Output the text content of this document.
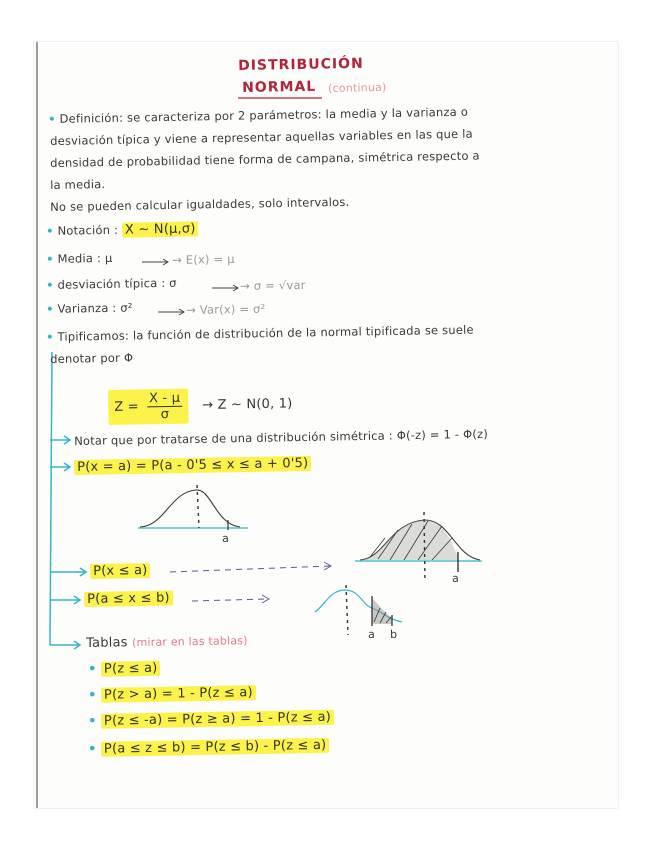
DISTRIBUCIÓN
NORMAL (continua)
• Definición: se caracteriza por 2 parámetros: la media y la varianza o
desviación típica y viene a representar aquellas variables en las que la
densidad de probabilidad tiene forma de campana, simétrica respecto a
la media.
No se pueden calcular igualdades, solo intervalos.
• Notación : X ~ N(μ,σ)
• Media : μ	→ E(x) = μ
• desviación típica : σ	→ σ = √var
• Varianza : σ²	→ Var(x) = σ²
• Tipificamos: la función de distribución de la normal tipificada se suele
denotar por Φ
$Z = \frac{X - \mu}{\sigma} \to Z$ ~ N(0, 1)
Notar que por tratarse de una distribución simétrica : Φ(-z) = 1 - Φ(z)
P(x = a) = P(a - 0'5 ≤ x ≤ a + 0'5)
a
a
a b
P(x ≤ a)
P(a ≤ x ≤ b)
Tablas (mirar en las tablas)
• P(z ≤ a)
• P(z > a) = 1 - P(z ≤ a)
• P(z ≤ -a) = P(z ≥ a) = 1 - P(z ≤ a)
• P(a ≤ z ≤ b) = P(z ≤ b) - P(z ≤ a)
